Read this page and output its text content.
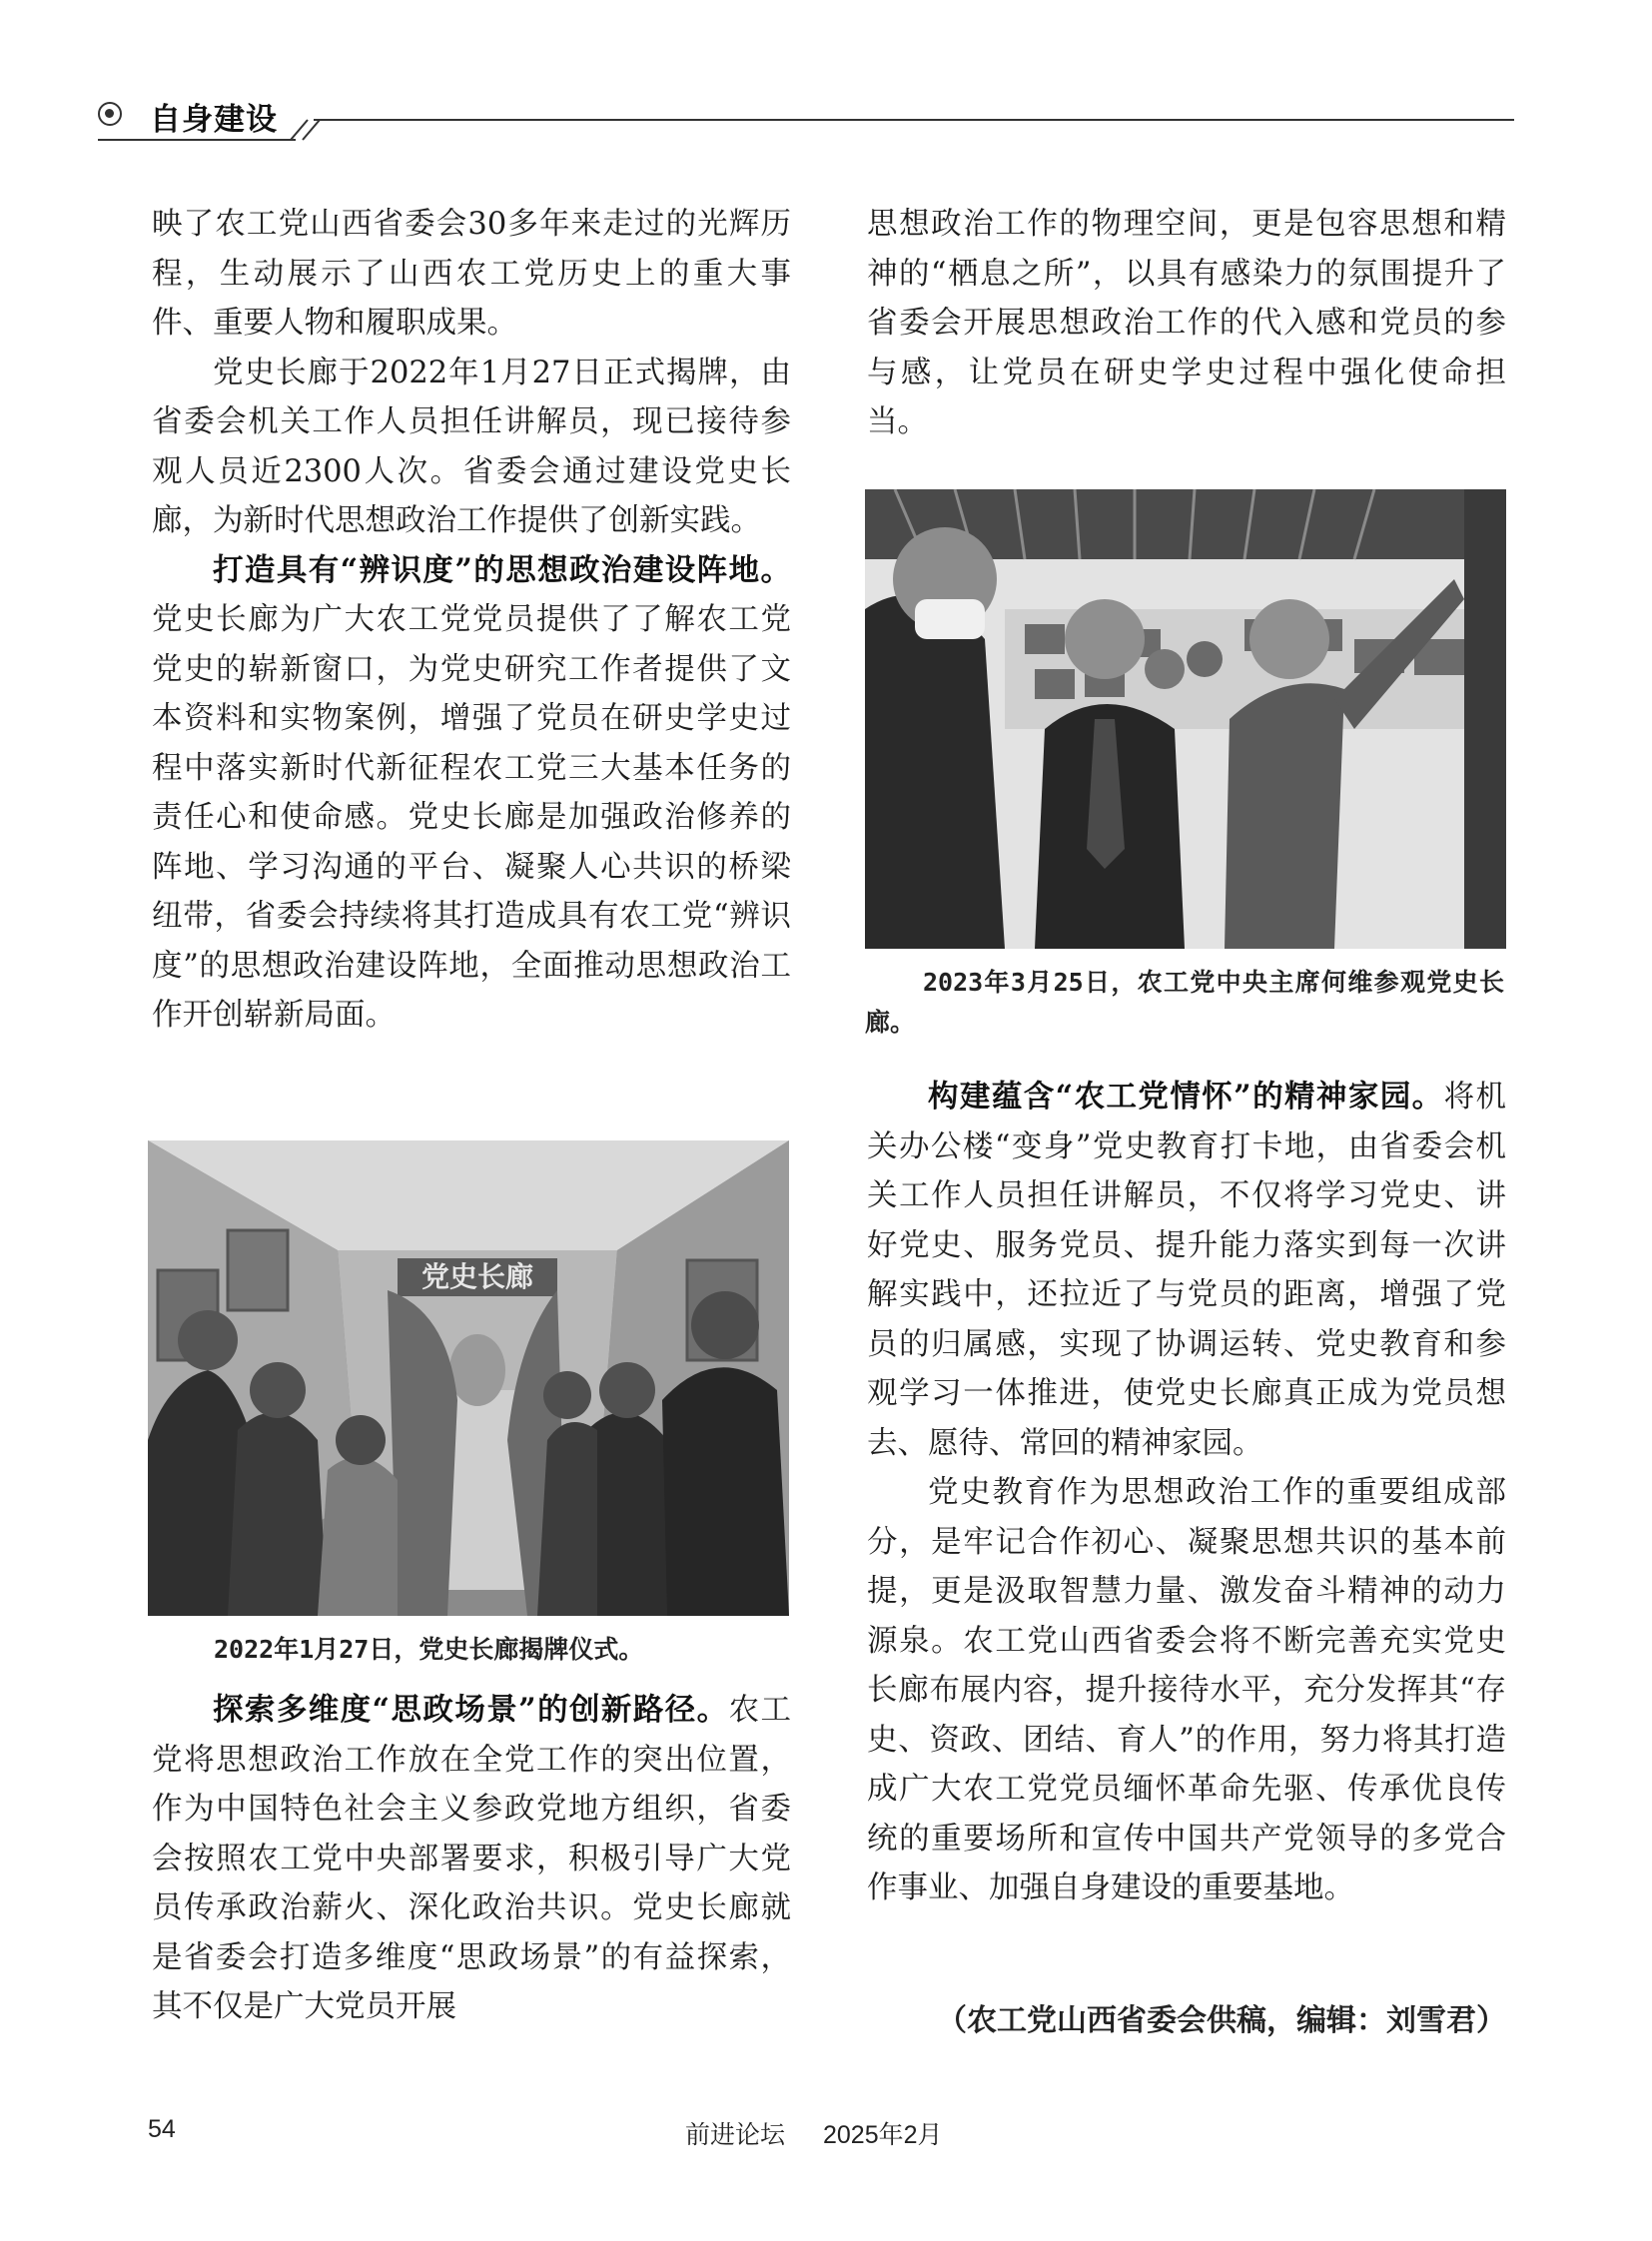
自身建设

映了农工党山西省委会30多年来走过的光辉历程，生动展示了山西农工党历史上的重大事件、重要人物和履职成果。

党史长廊于2022年1月27日正式揭牌，由省委会机关工作人员担任讲解员，现已接待参观人员近2300人次。省委会通过建设党史长廊，为新时代思想政治工作提供了创新实践。

打造具有“辨识度”的思想政治建设阵地。党史长廊为广大农工党党员提供了了解农工党党史的崭新窗口，为党史研究工作者提供了文本资料和实物案例，增强了党员在研史学史过程中落实新时代新征程农工党三大基本任务的责任心和使命感。党史长廊是加强政治修养的阵地、学习沟通的平台、凝聚人心共识的桥梁纽带，省委会持续将其打造成具有农工党“辨识度”的思想政治建设阵地，全面推动思想政治工作开创崭新局面。

党史长廊
2022年1月27日，党史长廊揭牌仪式。

探索多维度“思政场景”的创新路径。农工党将思想政治工作放在全党工作的突出位置，作为中国特色社会主义参政党地方组织，省委会按照农工党中央部署要求，积极引导广大党员传承政治薪火、深化政治共识。党史长廊就是省委会打造多维度“思政场景”的有益探索，其不仅是广大党员开展

思想政治工作的物理空间，更是包容思想和精神的“栖息之所”，以具有感染力的氛围提升了省委会开展思想政治工作的代入感和党员的参与感，让党员在研史学史过程中强化使命担当。

2023年3月25日，农工党中央主席何维参观党史长廊。

构建蕴含“农工党情怀”的精神家园。将机关办公楼“变身”党史教育打卡地，由省委会机关工作人员担任讲解员，不仅将学习党史、讲好党史、服务党员、提升能力落实到每一次讲解实践中，还拉近了与党员的距离，增强了党员的归属感，实现了协调运转、党史教育和参观学习一体推进，使党史长廊真正成为党员想去、愿待、常回的精神家园。

党史教育作为思想政治工作的重要组成部分，是牢记合作初心、凝聚思想共识的基本前提，更是汲取智慧力量、激发奋斗精神的动力源泉。农工党山西省委会将不断完善充实党史长廊布展内容，提升接待水平，充分发挥其“存史、资政、团结、育人”的作用，努力将其打造成广大农工党党员缅怀革命先驱、传承优良传统的重要场所和宣传中国共产党领导的多党合作事业、加强自身建设的重要基地。

（农工党山西省委会供稿，编辑：刘雪君）
54	前进论坛 2025年2月
